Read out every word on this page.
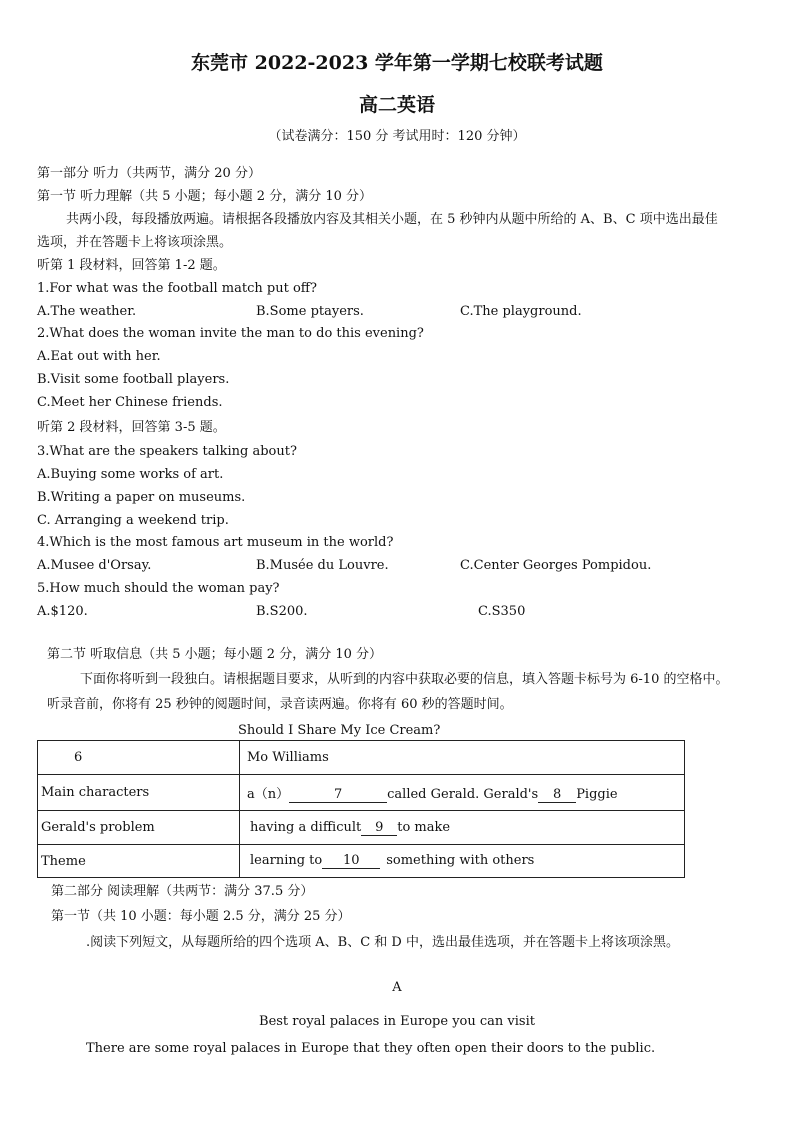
东莞市 2022-2023 学年第一学期七校联考试题
高二英语
（试卷满分：150 分 考试用时：120 分钟）
第一部分 听力（共两节，满分 20 分）
第一节 听力理解（共 5 小题；每小题 2 分，满分 10 分）
共两小段，每段播放两遍。请根据各段播放内容及其相关小题，在 5 秒钟内从题中所给的 A、B、C 项中选出最佳
选项，并在答题卡上将该项涂黑。
听第 1 段材料，回答第 1-2 题。
1.For what was the football match put off?
A.The weather.	B.Some ptayers.	C.The playground.
2.What does the woman invite the man to do this evening?
A.Eat out with her.
B.Visit some football players.
C.Meet her Chinese friends.
听第 2 段材料，回答第 3-5 题。
3.What are the speakers talking about?
A.Buying some works of art.
B.Writing a paper on museums.
C. Arranging a weekend trip.
4.Which is the most famous art museum in the world?
A.Musee d'Orsay.	B.Musée du Louvre.	C.Center Georges Pompidou.
5.How much should the woman pay?
A.$120.	B.S200.	C.S350
第二节 听取信息（共 5 小题；每小题 2 分，满分 10 分）
下面你将听到一段独白。请根据题目要求，从听到的内容中获取必要的信息，填入答题卡标号为 6-10 的空格中。
听录音前，你将有 25 秒钟的阅题时间，录音读两遍。你将有 60 秒的答题时间。
Should I Share My Ice Cream?
6	Mo Williams
Main characters	a（n） 7 called Gerald. Gerald's 8 Piggie
Gerald's problem	having a difficult 9 to make
Theme	learning to 10 something with others
第二部分 阅读理解（共两节：满分 37.5 分）
第一节（共 10 小题：每小题 2.5 分，满分 25 分）
.阅读下列短文，从每题所给的四个选项 A、B、C 和 D 中，选出最佳选项，并在答题卡上将该项涂黑。
A
Best royal palaces in Europe you can visit
There are some royal palaces in Europe that they often open their doors to the public.
